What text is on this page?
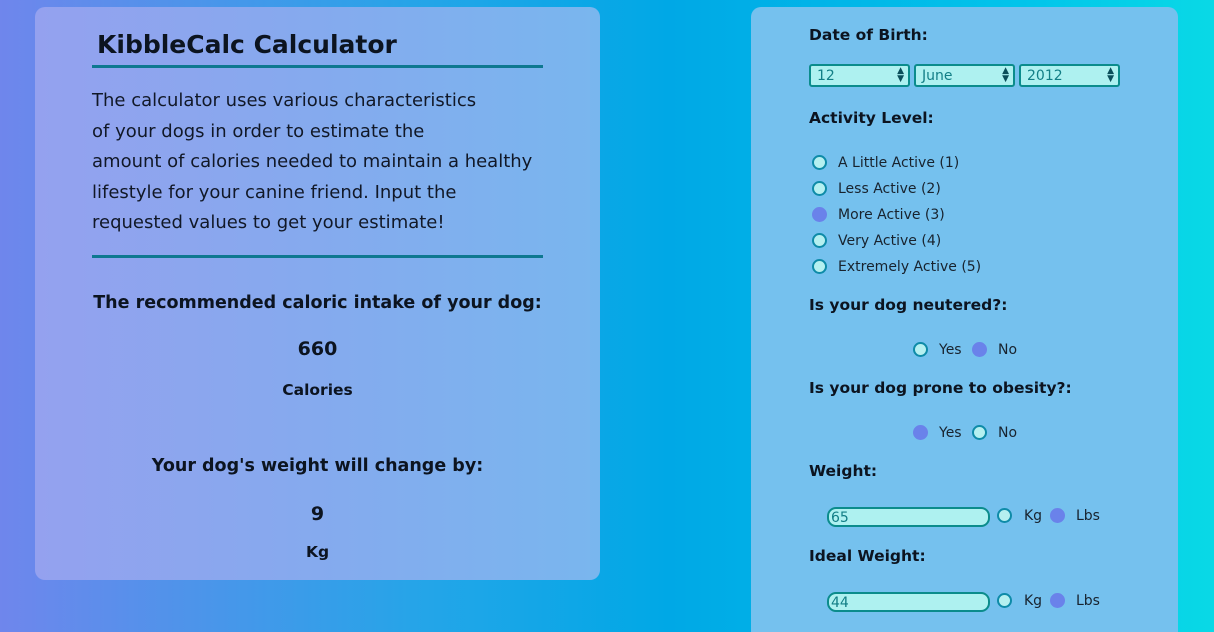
KibbleCalc Calculator
The calculator uses various characteristics
of your dogs in order to estimate the
amount of calories needed to maintain a healthy
lifestyle for your canine friend. Input the
requested values to get your estimate!
The recommended caloric intake of your dog:
660
Calories
Your dog's weight will change by:
9
Kg
Date of Birth:
12	▲
▼	June	▲
▼	2012	▲
▼
Activity Level:
A Little Active (1)
Less Active (2)
More Active (3)
Very Active (4)
Extremely Active (5)
Is your dog neutered?:
Yes	No
Is your dog prone to obesity?:
Yes	No
Weight:
65	Kg Lbs
Ideal Weight:
44	Kg Lbs
